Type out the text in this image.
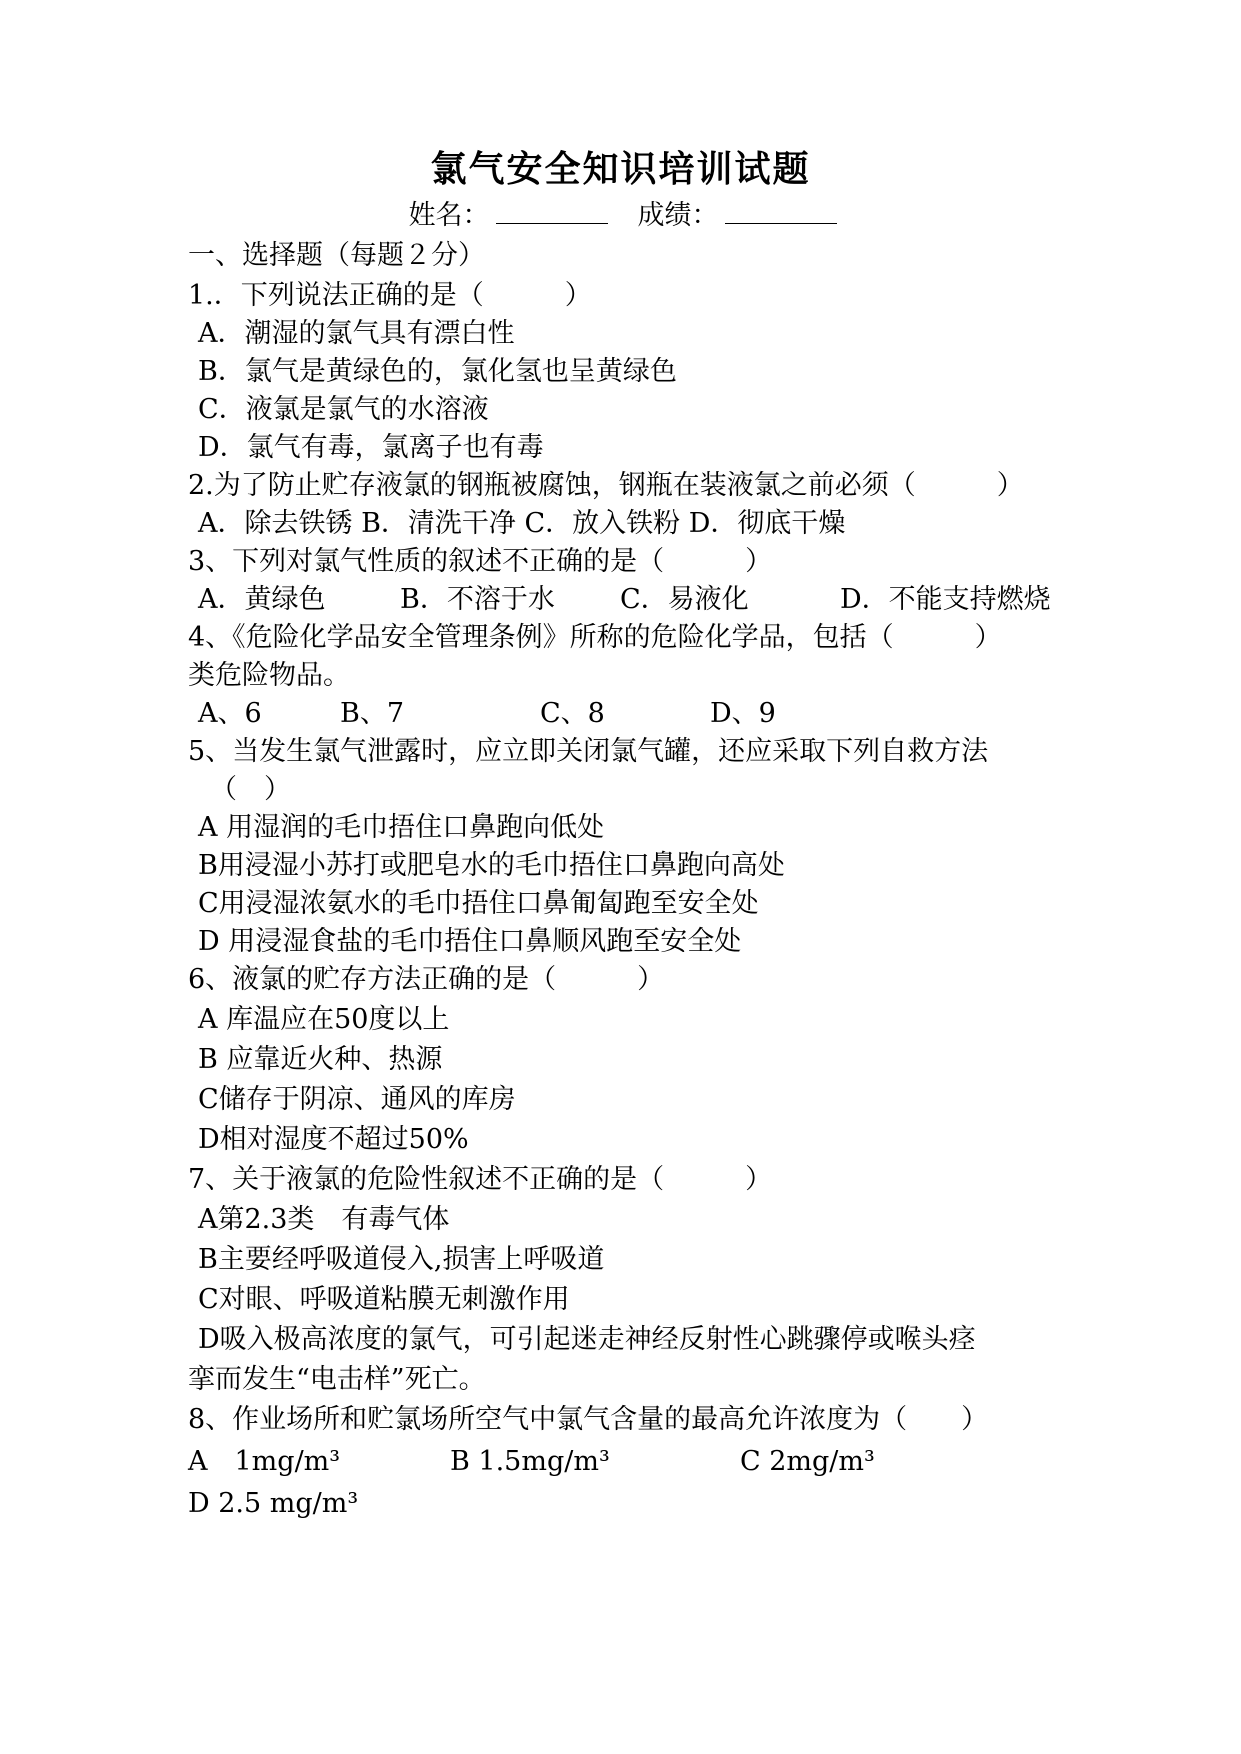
氯气安全知识培训试题
姓名：	成绩：
一、选择题（每题２分）
1.．下列说法正确的是（　　　）
A．潮湿的氯气具有漂白性
B．氯气是黄绿色的，氯化氢也呈黄绿色
C．液氯是氯气的水溶液
D．氯气有毒，氯离子也有毒
2.为了防止贮存液氯的钢瓶被腐蚀，钢瓶在装液氯之前必须（　　　）
A．除去铁锈 B．清洗干净 C．放入铁粉 D．彻底干燥
3、下列对氯气性质的叙述不正确的是（　　　）
A．黄绿色	B．不溶于水 C．易液化	D．不能支持燃烧
4、《危险化学品安全管理条例》所称的危险化学品，包括（　　　）
类危险物品。
A、6	B、7	C、8	D、9
5、当发生氯气泄露时，应立即关闭氯气罐，还应采取下列自救方法
（　）
A 用湿润的毛巾捂住口鼻跑向低处
B用浸湿小苏打或肥皂水的毛巾捂住口鼻跑向高处
C用浸湿浓氨水的毛巾捂住口鼻匍匐跑至安全处
D 用浸湿食盐的毛巾捂住口鼻顺风跑至安全处
6、液氯的贮存方法正确的是（　　　）
A 库温应在50度以上
B 应靠近火种、热源
C储存于阴凉、通风的库房
D相对湿度不超过50%
7、关于液氯的危险性叙述不正确的是（　　　）
A第2.3类　有毒气体
B主要经呼吸道侵入,损害上呼吸道
C对眼、呼吸道粘膜无刺激作用
D吸入极高浓度的氯气，可引起迷走神经反射性心跳骤停或喉头痉
挛而发生“电击样”死亡。
8、作业场所和贮氯场所空气中氯气含量的最高允许浓度为（　　）
A　1mg/m³	B 1.5mg/m³	C 2mg/m³
D 2.5 mg/m³
